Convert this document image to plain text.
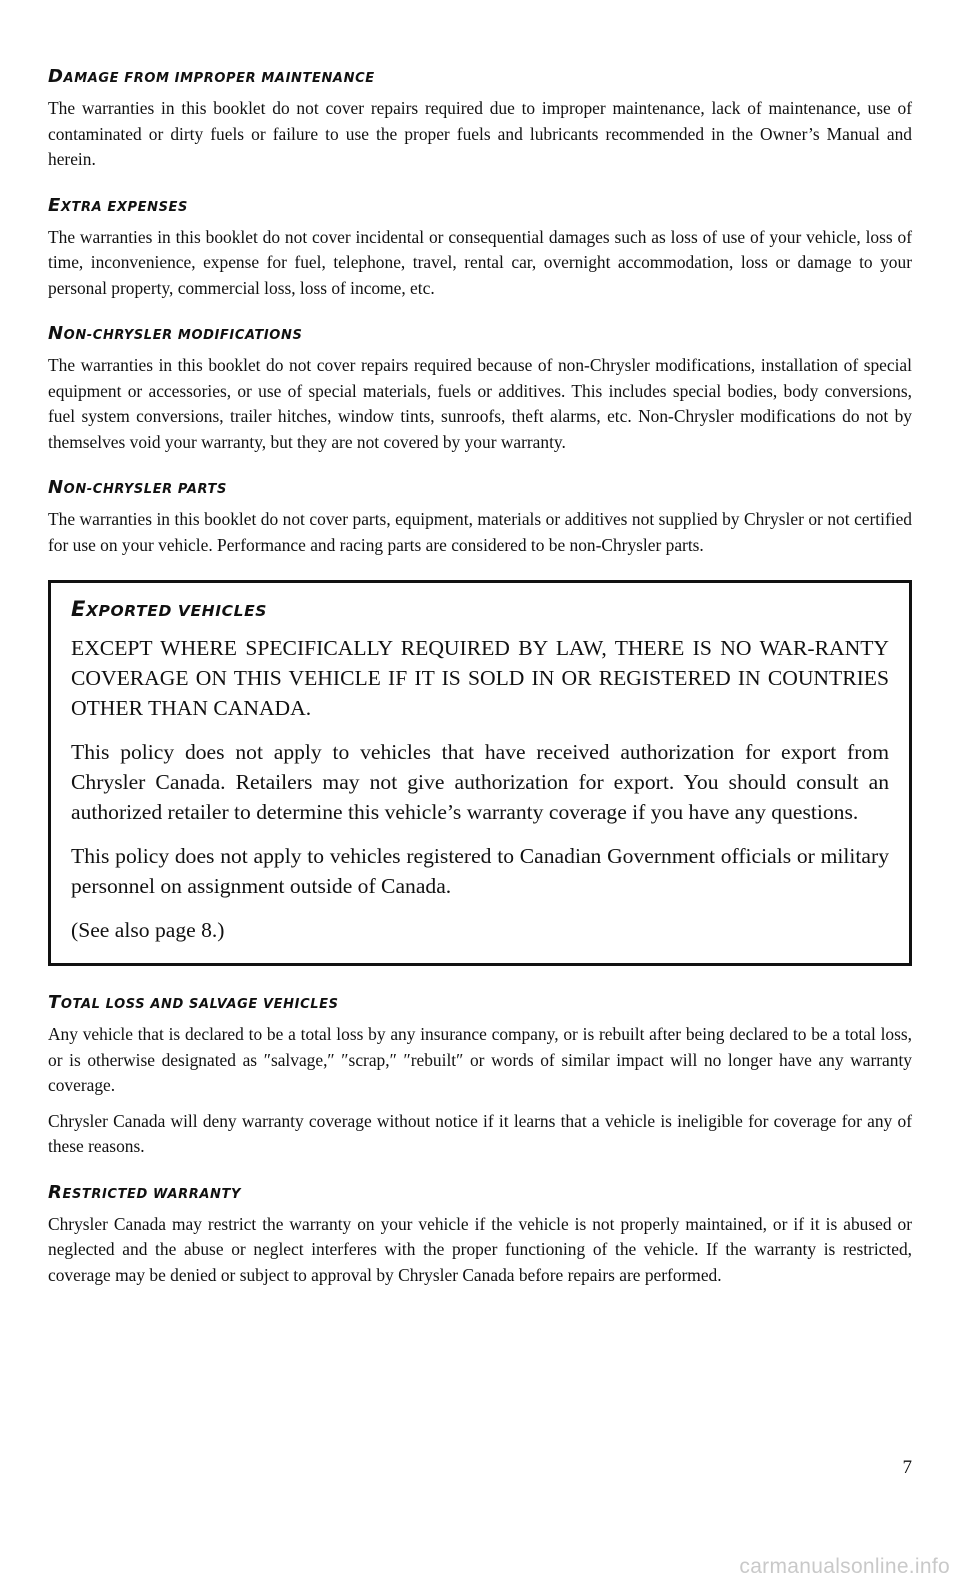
DAMAGE FROM IMPROPER MAINTENANCE

The warranties in this booklet do not cover repairs required due to improper maintenance, lack of maintenance, use of contaminated or dirty fuels or failure to use the proper fuels and lubricants recommended in the Owner’s Manual and herein.

EXTRA EXPENSES

The warranties in this booklet do not cover incidental or consequential damages such as loss of use of your vehicle, loss of time, inconvenience, expense for fuel, telephone, travel, rental car, overnight accommodation, loss or damage to your personal property, commercial loss, loss of income, etc.

NON-CHRYSLER MODIFICATIONS

The warranties in this booklet do not cover repairs required because of non-Chrysler modifications, installation of special equipment or accessories, or use of special materials, fuels or additives. This includes special bodies, body conversions, fuel system conversions, trailer hitches, window tints, sunroofs, theft alarms, etc. Non-Chrysler modifications do not by themselves void your warranty, but they are not covered by your warranty.

NON-CHRYSLER PARTS

The warranties in this booklet do not cover parts, equipment, materials or additives not supplied by Chrysler or not certified for use on your vehicle. Performance and racing parts are considered to be non-Chrysler parts.

EXPORTED VEHICLES

EXCEPT WHERE SPECIFICALLY REQUIRED BY LAW, THERE IS NO WAR-RANTY COVERAGE ON THIS VEHICLE IF IT IS SOLD IN OR REGISTERED IN COUNTRIES OTHER THAN CANADA.

This policy does not apply to vehicles that have received authorization for export from Chrysler Canada. Retailers may not give authorization for export. You should consult an authorized retailer to determine this vehicle’s warranty coverage if you have any questions.

This policy does not apply to vehicles registered to Canadian Government officials or military personnel on assignment outside of Canada.

(See also page 8.)

TOTAL LOSS AND SALVAGE VEHICLES

Any vehicle that is declared to be a total loss by any insurance company, or is rebuilt after being declared to be a total loss, or is otherwise designated as ″salvage,″ ″scrap,″ ″rebuilt″ or words of similar impact will no longer have any warranty coverage.

Chrysler Canada will deny warranty coverage without notice if it learns that a vehicle is ineligible for coverage for any of these reasons.

RESTRICTED WARRANTY

Chrysler Canada may restrict the warranty on your vehicle if the vehicle is not properly maintained, or if it is abused or neglected and the abuse or neglect interferes with the proper functioning of the vehicle. If the warranty is restricted, coverage may be denied or subject to approval by Chrysler Canada before repairs are performed.

7
carmanualsonline.info
